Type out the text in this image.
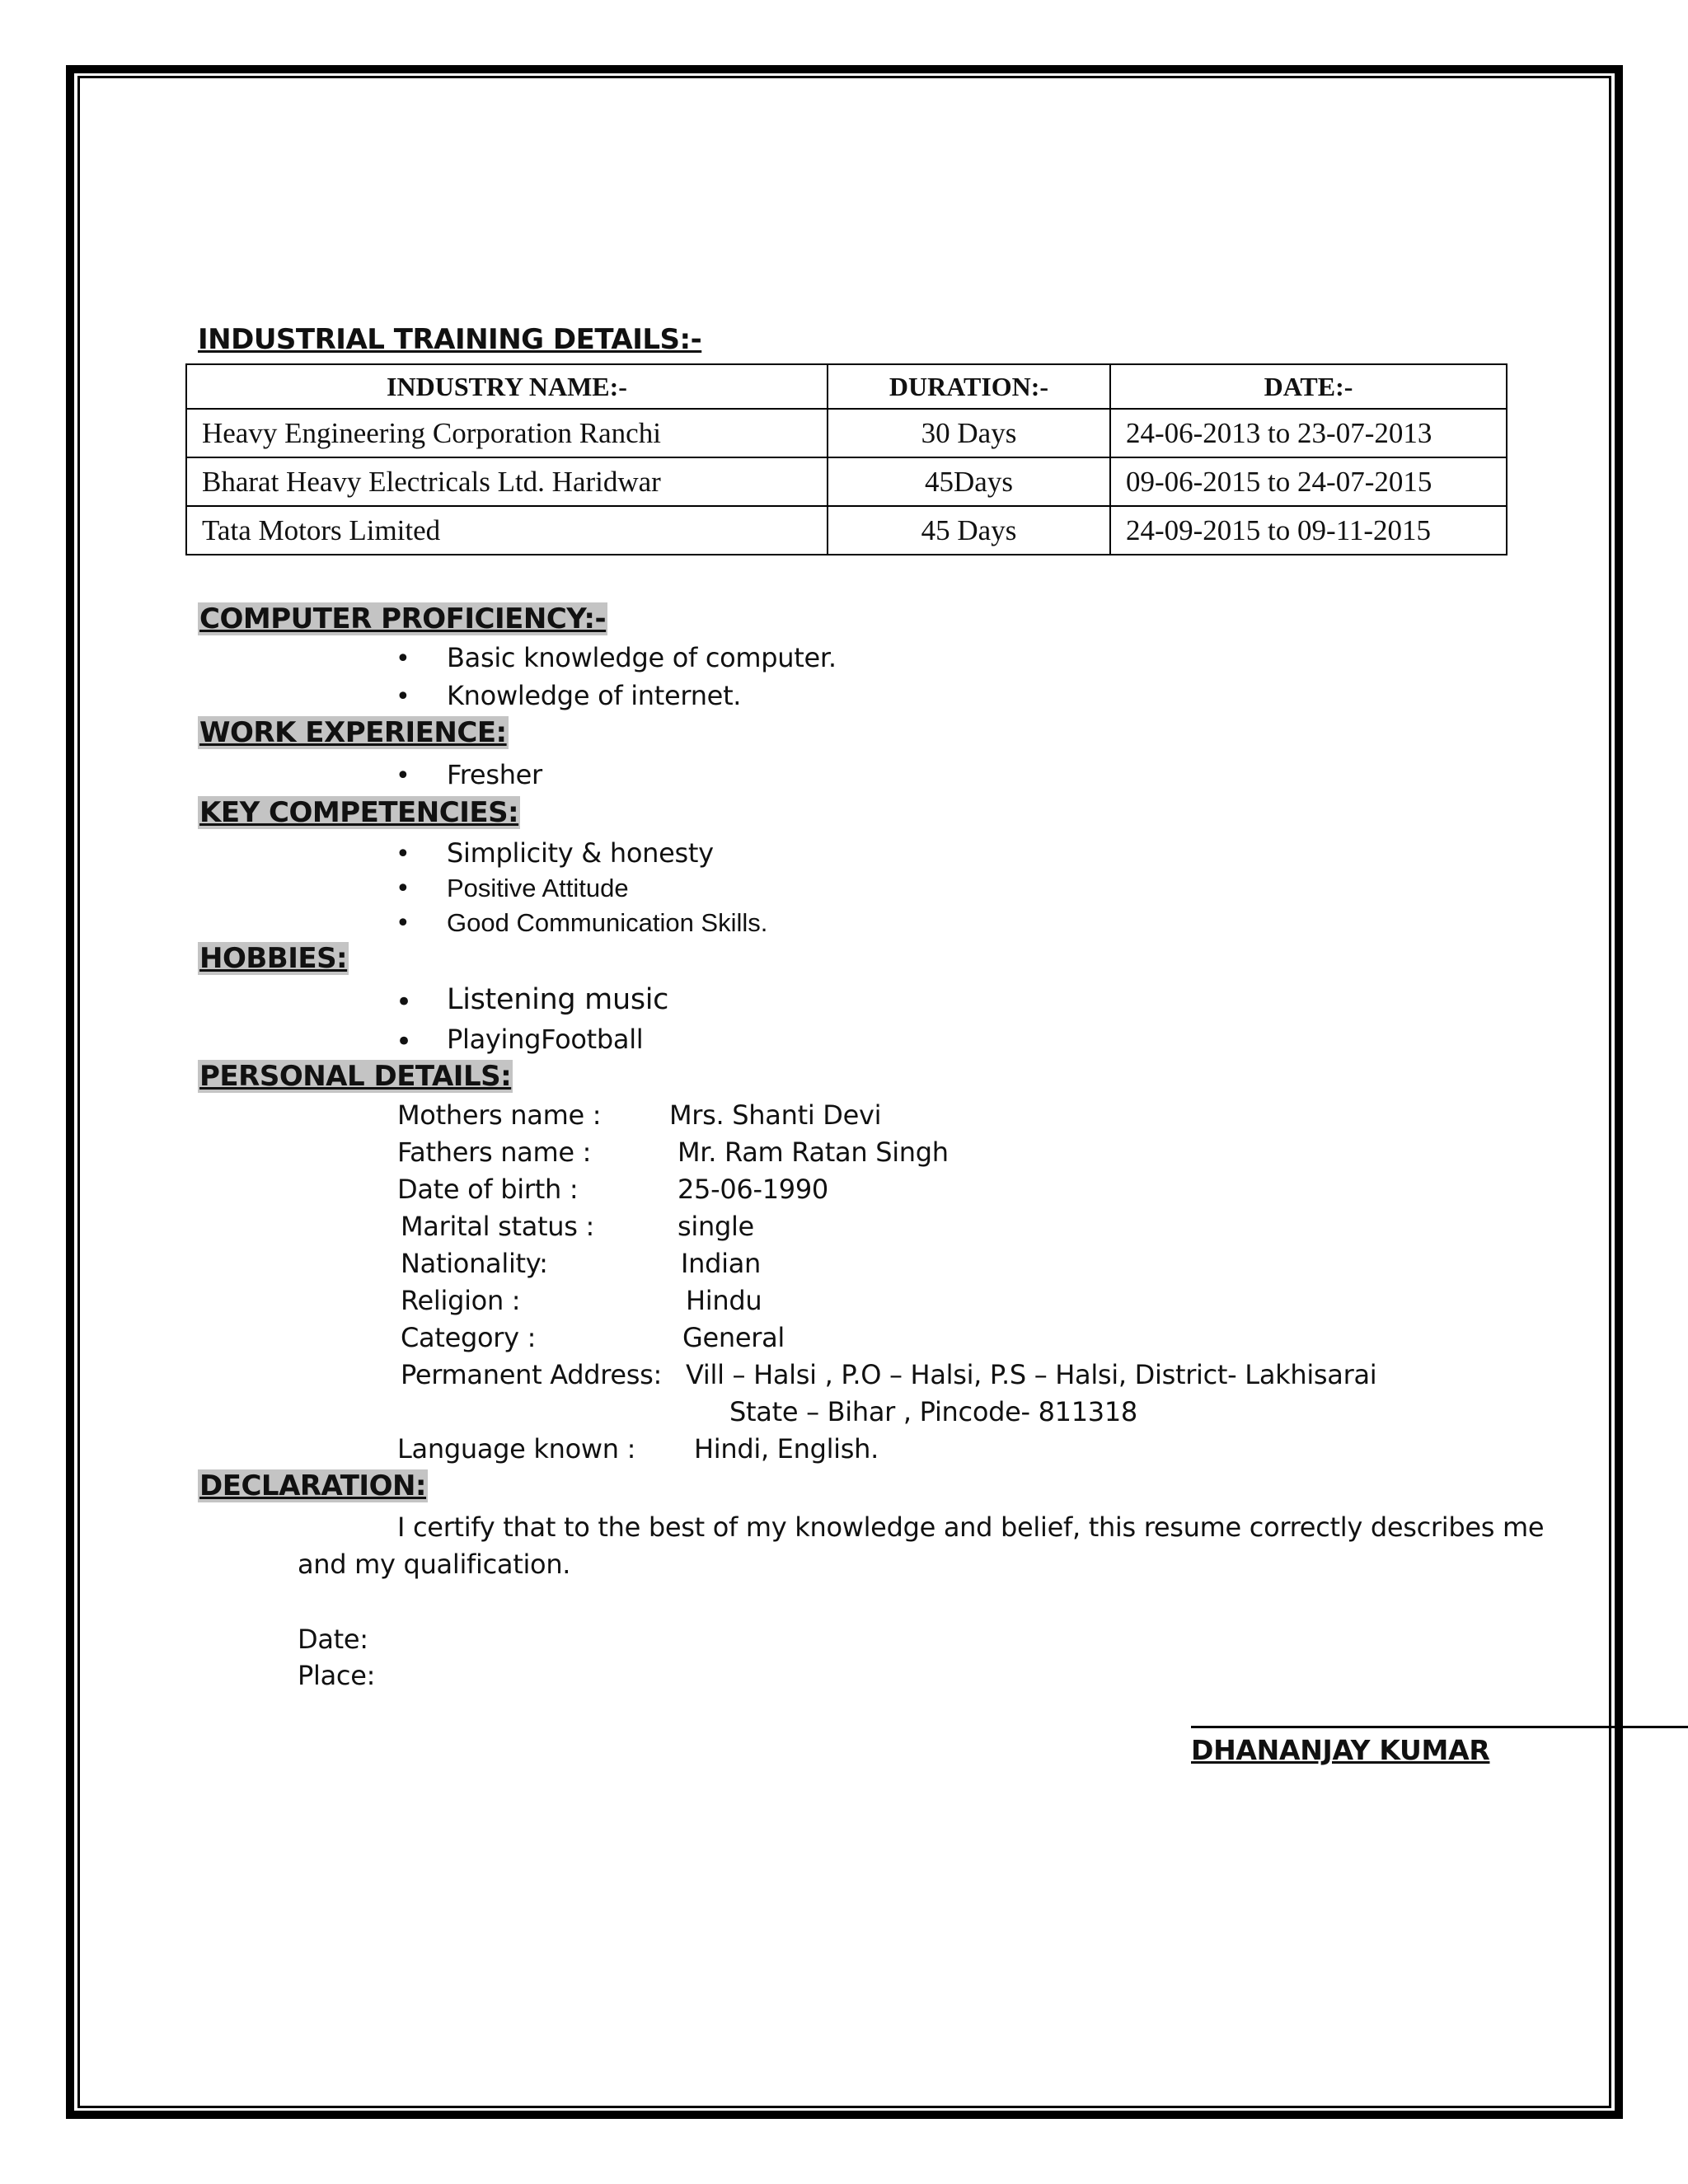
INDUSTRIAL TRAINING DETAILS:-
INDUSTRY NAME:-	DURATION:-	DATE:-
Heavy Engineering Corporation Ranchi	30 Days	24-06-2013 to 23-07-2013
Bharat Heavy Electricals Ltd. Haridwar	45Days	09-06-2015 to 24-07-2015
Tata Motors Limited	45 Days	24-09-2015 to 09-11-2015
COMPUTER PROFICIENCY:-
• Basic knowledge of computer.
• Knowledge of internet.
WORK EXPERIENCE:
• Fresher
KEY COMPETENCIES:
• Simplicity & honesty
• Positive Attitude
• Good Communication Skills.
HOBBIES:
• Listening music
• PlayingFootball
PERSONAL DETAILS:
Mothers name :	Mrs. Shanti Devi
Fathers name :	Mr. Ram Ratan Singh
Date of birth :	25-06-1990
Marital status :	single
Nationality:	Indian
Religion :	Hindu
Category :	General
Permanent Address: Vill – Halsi , P.O – Halsi, P.S – Halsi, District- Lakhisarai
State – Bihar , Pincode- 811318
Language known : Hindi, English.
DECLARATION:
I certify that to the best of my knowledge and belief, this resume correctly describes me
and my qualification.
Date:
Place:
DHANANJAY KUMAR
